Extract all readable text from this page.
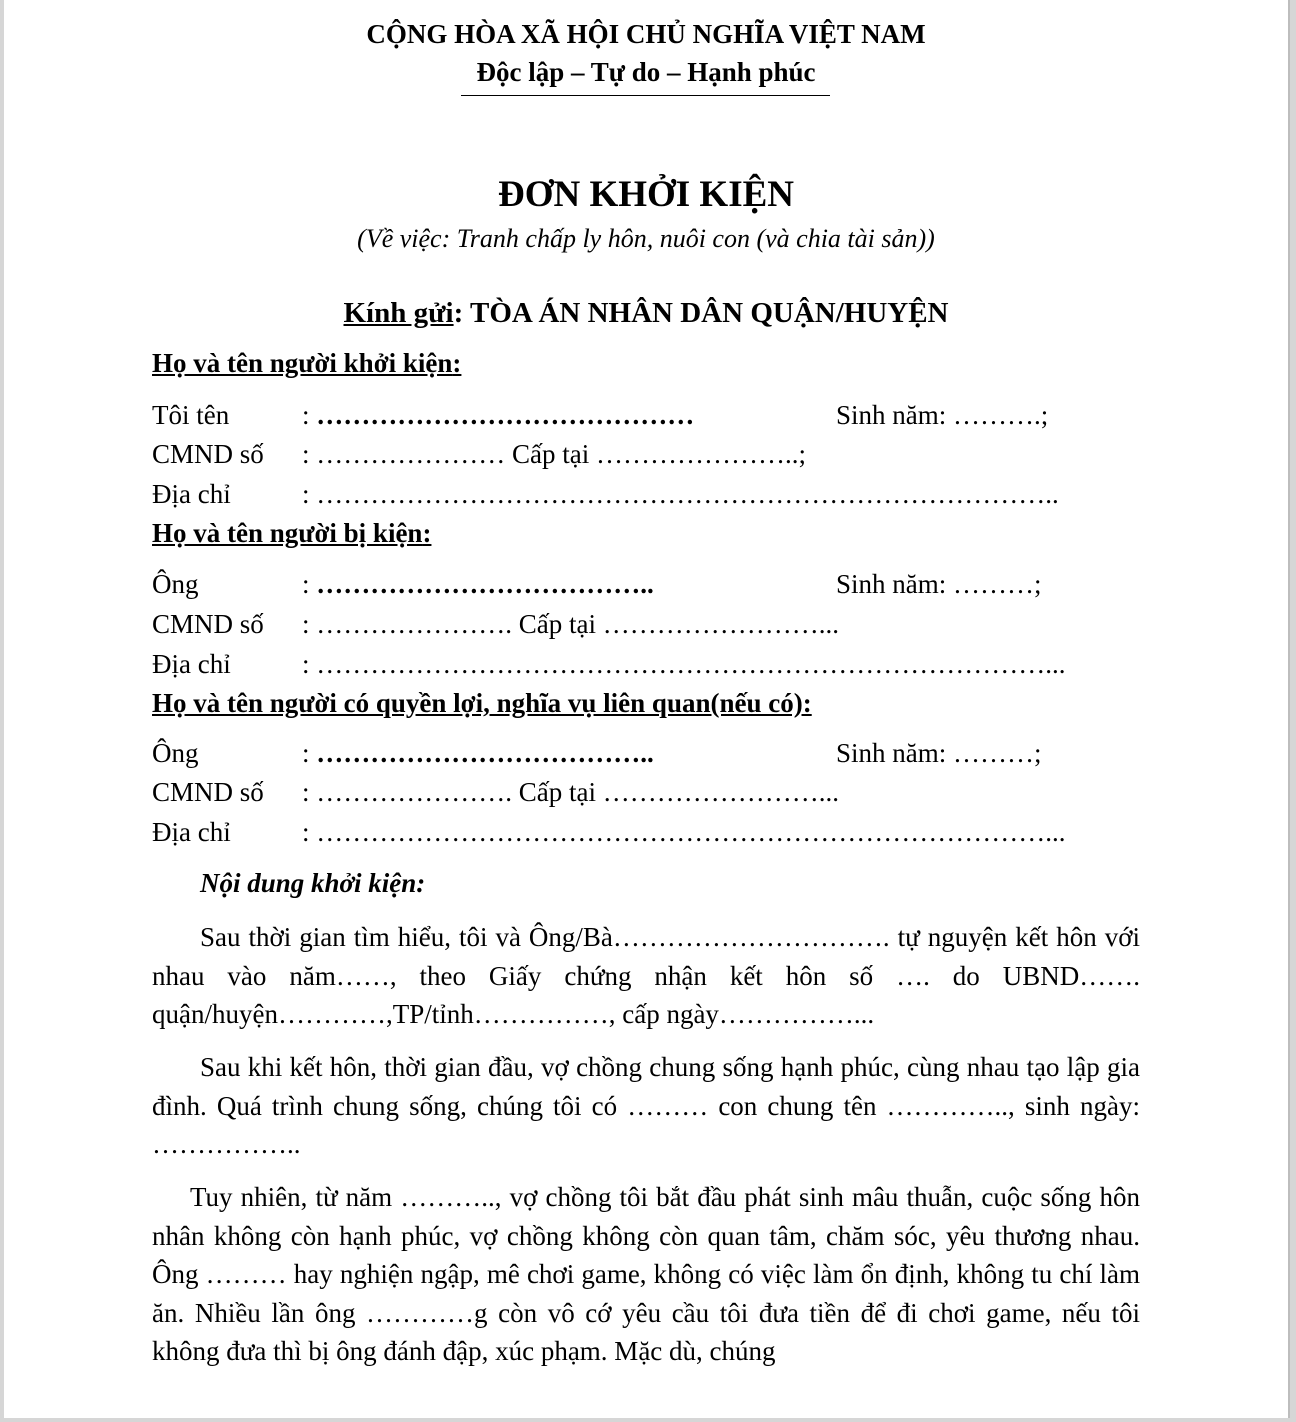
CỘNG HÒA XÃ HỘI CHỦ NGHĨA VIỆT NAM
Độc lập – Tự do – Hạnh phúc
ĐƠN KHỞI KIỆN
(Về việc: Tranh chấp ly hôn, nuôi con (và chia tài sản))
Kính gửi: TÒA ÁN NHÂN DÂN QUẬN/HUYỆN
Họ và tên người khởi kiện:
Tôi tên	: ……………………………………	Sinh năm: ……….;
CMND số : ………………… Cấp tại …………………..;
Địa chỉ	: ………………………………………………………………………..
Họ và tên người bị kiện:
Ông	: ………………………………..	Sinh năm: ………;
CMND số : …………………. Cấp tại ……………………...
Địa chỉ	: ………………………………………………………………………...
Họ và tên người có quyền lợi, nghĩa vụ liên quan(nếu có):
Ông	: ………………………………..	Sinh năm: ………;
CMND số : …………………. Cấp tại ……………………...
Địa chỉ	: ………………………………………………………………………...
Nội dung khởi kiện:

Sau thời gian tìm hiểu, tôi và Ông/Bà…………………………. tự nguyện kết hôn với nhau vào năm……, theo Giấy chứng nhận kết hôn số …. do UBND……. quận/huyện…………,TP/tỉnh……………, cấp ngày……………...

Sau khi kết hôn, thời gian đầu, vợ chồng chung sống hạnh phúc, cùng nhau tạo lập gia đình. Quá trình chung sống, chúng tôi có ……… con chung tên ………….., sinh ngày: ……………..

Tuy nhiên, từ năm ……….., vợ chồng tôi bắt đầu phát sinh mâu thuẫn, cuộc sống hôn nhân không còn hạnh phúc, vợ chồng không còn quan tâm, chăm sóc, yêu thương nhau. Ông ……… hay nghiện ngập, mê chơi game, không có việc làm ổn định, không tu chí làm ăn. Nhiều lần ông …………g còn vô cớ yêu cầu tôi đưa tiền để đi chơi game, nếu tôi không đưa thì bị ông đánh đập, xúc phạm. Mặc dù, chúng
